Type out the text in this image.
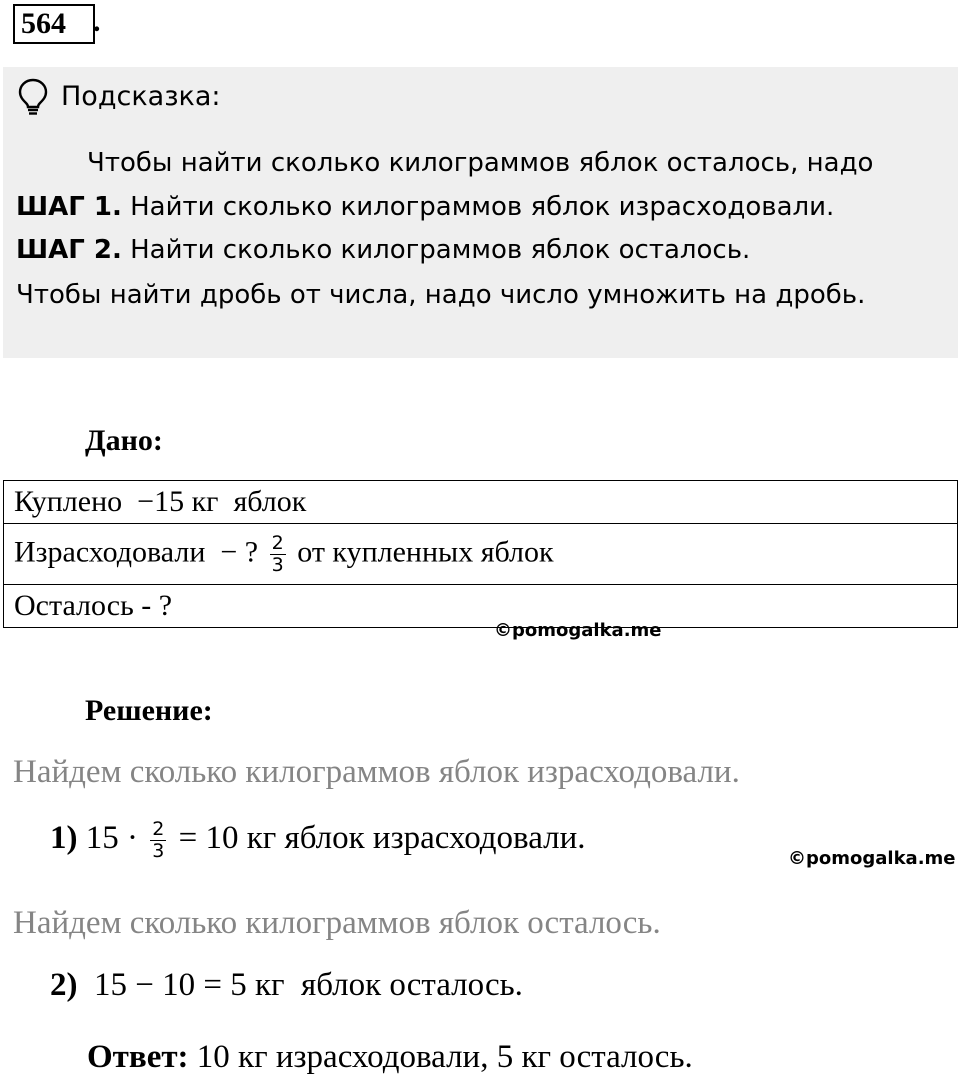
564 .
Подсказка:
Чтобы найти сколько килограммов яблок осталось, надо
ШАГ 1. Найти сколько килограммов яблок израсходовали.
ШАГ 2. Найти сколько килограммов яблок осталось.
Чтобы найти дробь от числа, надо число умножить на дробь.
Дано:
Куплено  −15 кг  яблок
Израсходовали  − ? $\frac{2}{3}$ от купленных яблок
Осталось - ?
©pomogalka.me
Решение:
Найдем сколько килограммов яблок израсходовали.
1) $15 \cdot \frac{2}{3} = 10$ кг яблок израсходовали.
©pomogalka.me
Найдем сколько килограммов яблок осталось.
2)  15 − 10 = 5 кг  яблок осталось.
Ответ: 10 кг израсходовали, 5 кг осталось.
